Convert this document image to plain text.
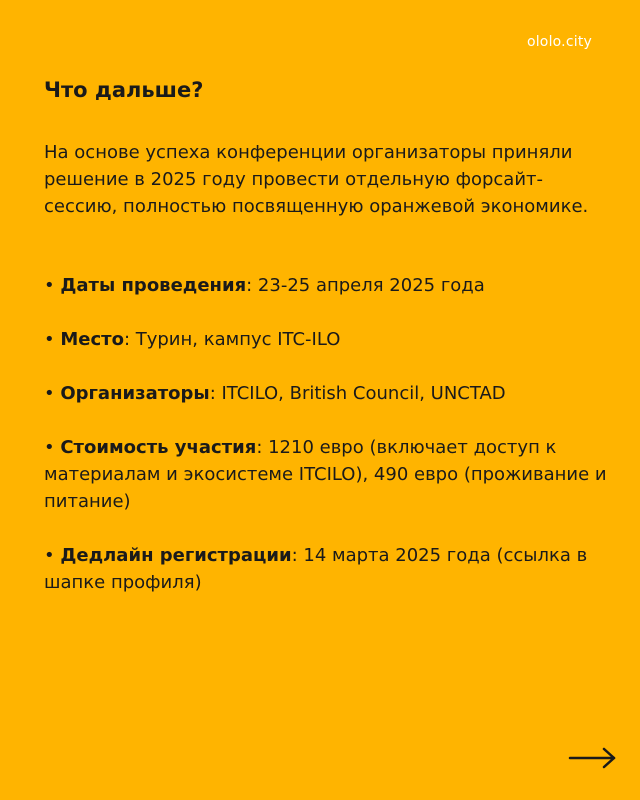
ololo.city
Что дальше?

На основе успеха конференции организаторы приняли решение в 2025 году провести отдельную форсайт-сессию, полностью посвященную оранжевой экономике.

• Даты проведения: 23-25 апреля 2025 года
• Место: Турин, кампус ITC-ILO
• Организаторы: ITCILO, British Council, UNCTAD
• Стоимость участия: 1210 евро (включает доступ к материалам и экосистеме ITCILO), 490 евро (проживание и питание)
• Дедлайн регистрации: 14 марта 2025 года (ссылка в шапке профиля)
